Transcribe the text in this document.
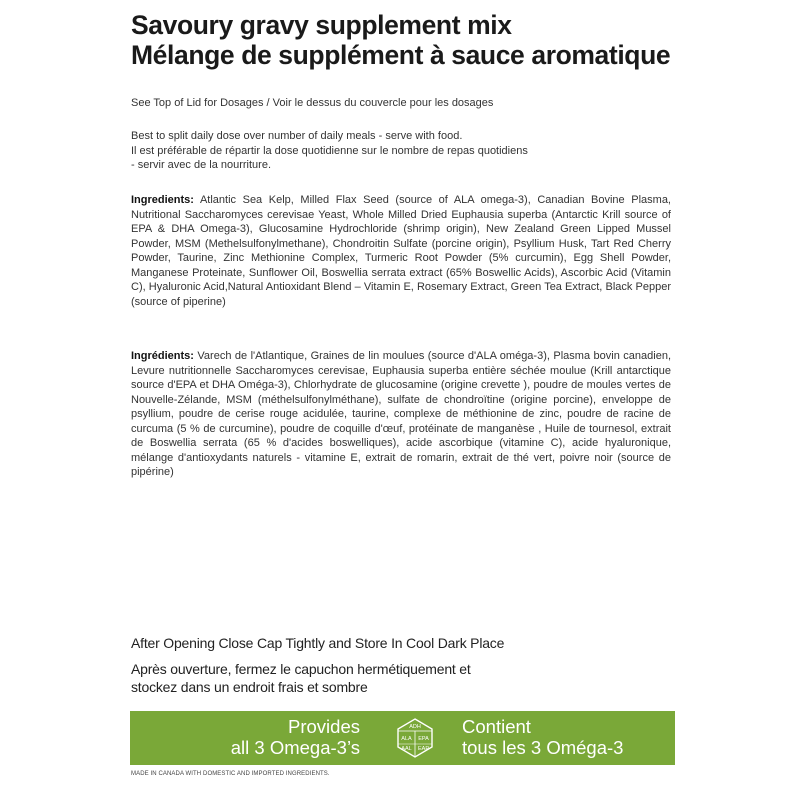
Savoury gravy supplement mix
Mélange de supplément à sauce aromatique
See Top of Lid for Dosages / Voir le dessus du couvercle pour les dosages
Best to split daily dose over number of daily meals - serve with food.
Il est préférable de répartir la dose quotidienne sur le nombre de repas quotidiens
- servir avec de la nourriture.
Ingredients: Atlantic Sea Kelp, Milled Flax Seed (source of ALA omega-3), Canadian Bovine Plasma, Nutritional Saccharomyces cerevisae Yeast, Whole Milled Dried Euphausia superba (Antarctic Krill source of EPA & DHA Omega-3), Glucosamine Hydrochloride (shrimp origin), New Zealand Green Lipped Mussel Powder, MSM (Methelsulfonylmethane), Chondroitin Sulfate (porcine origin), Psyllium Husk, Tart Red Cherry Powder, Taurine, Zinc Methionine Complex, Turmeric Root Powder (5% curcumin), Egg Shell Powder, Manganese Proteinate, Sunflower Oil, Boswellia serrata extract (65% Boswellic Acids), Ascorbic Acid (Vitamin C), Hyaluronic Acid,Natural Antioxidant Blend – Vitamin E, Rosemary Extract, Green Tea Extract, Black Pepper (source of piperine)
Ingrédients: Varech de l'Atlantique, Graines de lin moulues (source d'ALA oméga-3), Plasma bovin canadien, Levure nutritionnelle Saccharomyces cerevisae, Euphausia superba entière séchée moulue (Krill antarctique source d'EPA et DHA Oméga-3), Chlorhydrate de glucosamine (origine crevette ), poudre de moules vertes de Nouvelle-Zélande, MSM (méthelsulfonylméthane), sulfate de chondroïtine (origine porcine), enveloppe de psyllium, poudre de cerise rouge acidulée, taurine, complexe de méthionine de zinc, poudre de racine de curcuma (5 % de curcumine), poudre de coquille d'œuf, protéinate de manganèse , Huile de tournesol, extrait de Boswellia serrata (65 % d'acides boswelliques), acide ascorbique (vitamine C), acide hyaluronique, mélange d'antioxydants naturels - vitamine E, extrait de romarin, extrait de thé vert, poivre noir (source de pipérine)
After Opening Close Cap Tightly and Store In Cool Dark Place
Après ouverture, fermez le capuchon hermétiquement et
stockez dans un endroit frais et sombre
Provides
all 3 Omega-3’s
ADH
ALA
AAL
EPA
EAP
Contient
tous les 3 Oméga-3
MADE IN CANADA WITH DOMESTIC AND IMPORTED INGREDIENTS.
